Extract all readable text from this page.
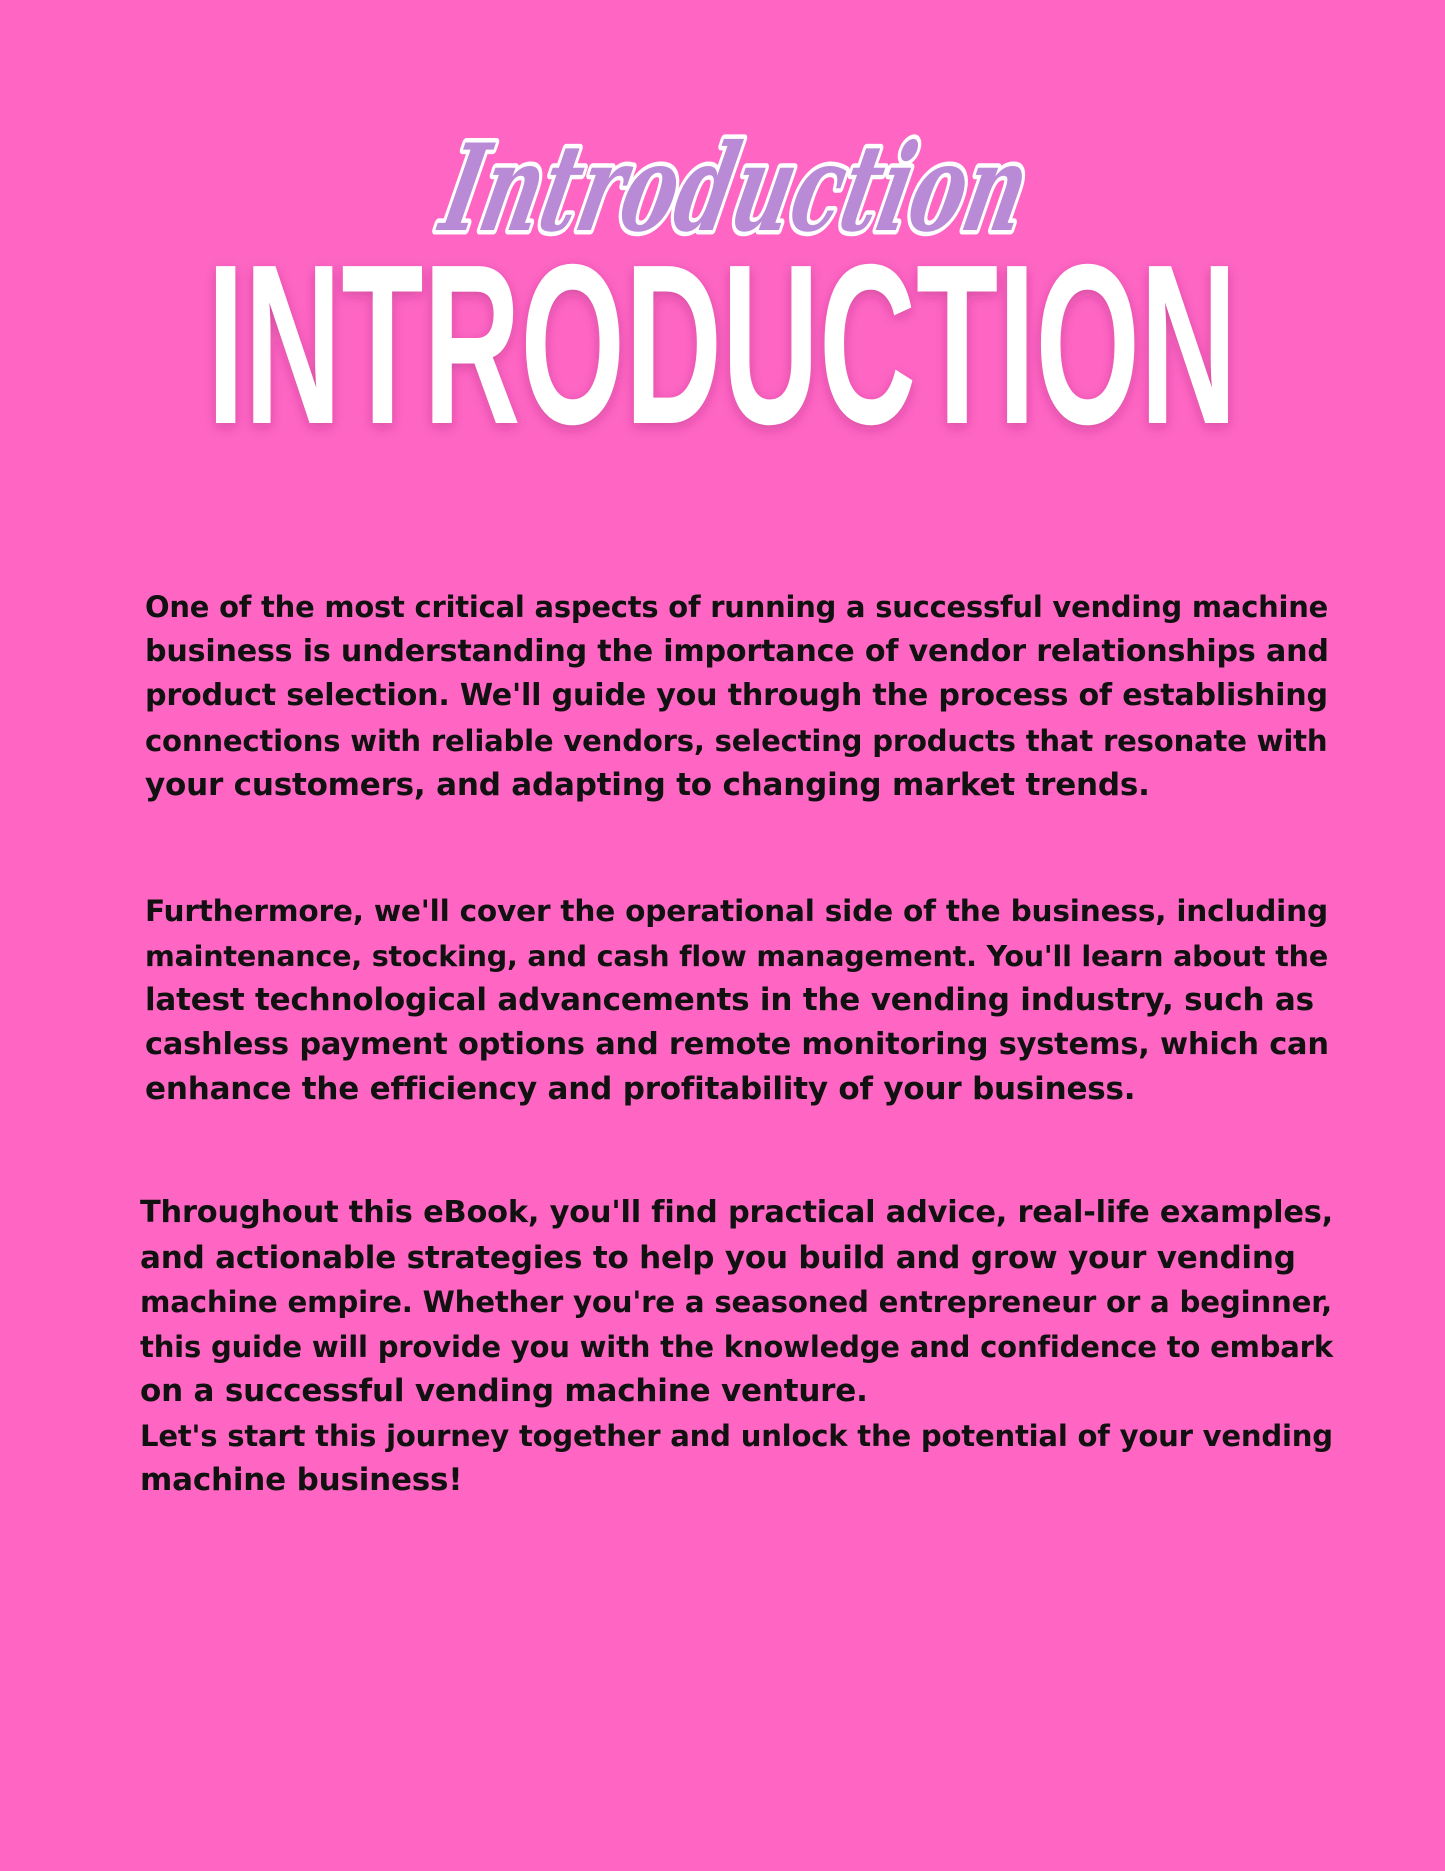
INTRODUCTION
Introduction

One of the most critical aspects of running a successful vending machine
business is understanding the importance of vendor relationships and
product selection. We'll guide you through the process of establishing
connections with reliable vendors, selecting products that resonate with
your customers, and adapting to changing market trends.

Furthermore, we'll cover the operational side of the business, including
maintenance, stocking, and cash flow management. You'll learn about the
latest technological advancements in the vending industry, such as
cashless payment options and remote monitoring systems, which can
enhance the efficiency and profitability of your business.

Throughout this eBook, you'll find practical advice, real-life examples,
and actionable strategies to help you build and grow your vending
machine empire. Whether you're a seasoned entrepreneur or a beginner,
this guide will provide you with the knowledge and confidence to embark
on a successful vending machine venture.
Let's start this journey together and unlock the potential of your vending
machine business!
